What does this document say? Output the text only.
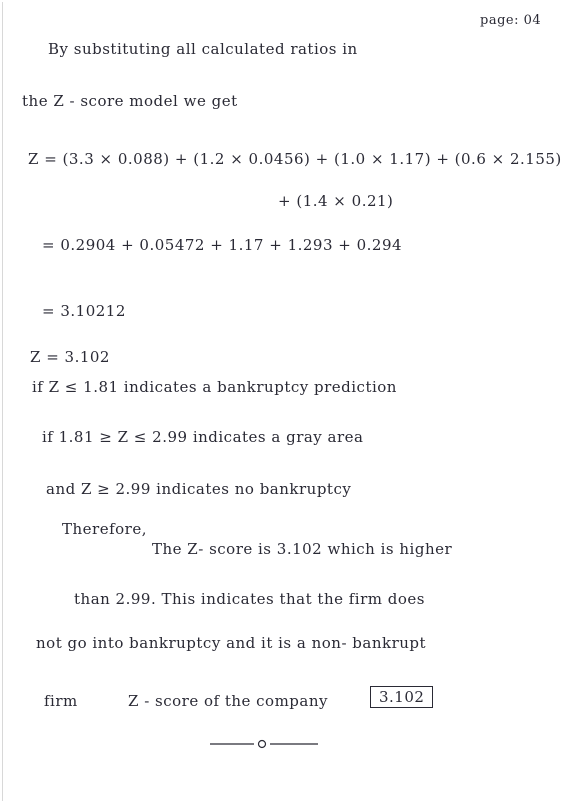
page: 04
By substituting all calculated ratios in
the Z - score model we get
Z = (3.3 × 0.088) + (1.2 × 0.0456) + (1.0 × 1.17) + (0.6 × 2.155)
+ (1.4 × 0.21)
= 0.2904 + 0.05472 + 1.17 + 1.293 + 0.294
= 3.10212
Z = 3.102
if Z ≤ 1.81 indicates a bankruptcy prediction
if 1.81 ≥ Z ≤ 2.99 indicates a gray area
and Z ≥ 2.99 indicates no bankruptcy
Therefore,
The Z- score is 3.102 which is higher
than 2.99. This indicates that the firm does
not go into bankruptcy and it is a non- bankrupt
firm	Z - score of the company	3.102
